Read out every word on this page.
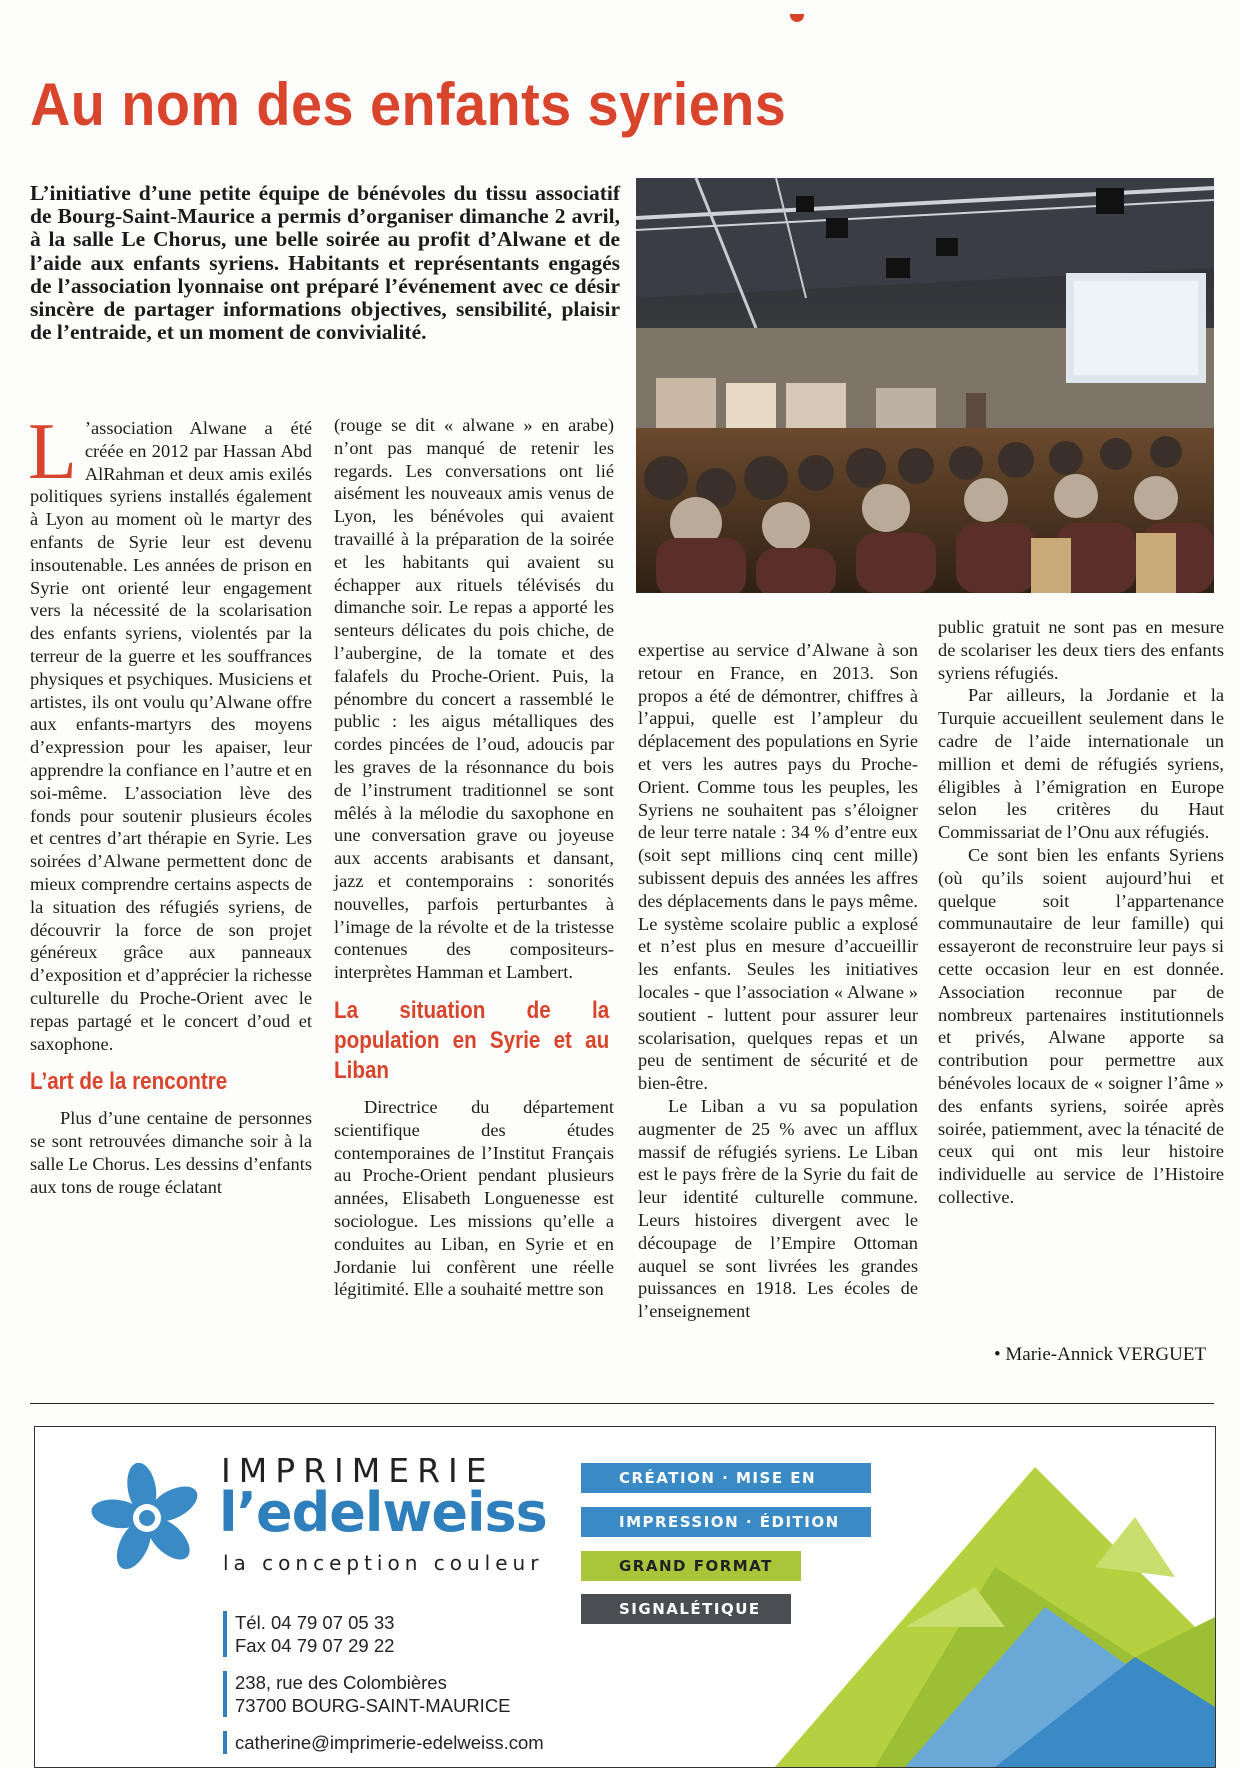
Au nom des enfants syriens
L’initiative d’une petite équipe de bénévoles du tissu associatif de Bourg-Saint-Maurice a permis d’organiser dimanche 2 avril, à la salle Le Chorus, une belle soirée au profit d’Alwane et de l’aide aux enfants syriens. Habitants et représentants engagés de l’association lyonnaise ont préparé l’événement avec ce désir sincère de partager informations objectives, sensibilité, plaisir de l’entraide, et un moment de convivialité.

L ’association Alwane a été créée en 2012 par Hassan Abd AlRahman et deux amis exilés politiques syriens installés également à Lyon au moment où le martyr des enfants de Syrie leur est devenu insoutenable. Les années de prison en Syrie ont orienté leur engagement vers la nécessité de la scolarisation des enfants syriens, violentés par la terreur de la guerre et les souffrances physiques et psychiques. Musiciens et artistes, ils ont voulu qu’Alwane offre aux enfants-martyrs des moyens d’expression pour les apaiser, leur apprendre la confiance en l’autre et en soi-même. L’association lève des fonds pour soutenir plusieurs écoles et centres d’art thérapie en Syrie. Les soirées d’Alwane permettent donc de mieux comprendre certains aspects de la situation des réfugiés syriens, de découvrir la force de son projet généreux grâce aux panneaux d’exposition et d’apprécier la richesse culturelle du Proche-Orient avec le repas partagé et le concert d’oud et saxophone.

L’art de la rencontre

Plus d’une centaine de personnes se sont retrouvées dimanche soir à la salle Le Chorus. Les dessins d’enfants aux tons de rouge éclatant

(rouge se dit « alwane » en arabe) n’ont pas manqué de retenir les regards. Les conversations ont lié aisément les nouveaux amis venus de Lyon, les bénévoles qui avaient travaillé à la préparation de la soirée et les habitants qui avaient su échapper aux rituels télévisés du dimanche soir. Le repas a apporté les senteurs délicates du pois chiche, de l’aubergine, de la tomate et des falafels du Proche-Orient. Puis, la pénombre du concert a rassemblé le public : les aigus métalliques des cordes pincées de l’oud, adoucis par les graves de la résonnance du bois de l’instrument traditionnel se sont mêlés à la mélodie du saxophone en une conversation grave ou joyeuse aux accents arabisants et dansant, jazz et contemporains : sonorités nouvelles, parfois perturbantes à l’image de la révolte et de la tristesse contenues des compositeurs-interprètes Hamman et Lambert.

La situation de la population en Syrie et au Liban

Directrice du département scientifique des études contemporaines de l’Institut Français au Proche-Orient pendant plusieurs années, Elisabeth Longuenesse est sociologue. Les missions qu’elle a conduites au Liban, en Syrie et en Jordanie lui confèrent une réelle légitimité. Elle a souhaité mettre son

expertise au service d’Alwane à son retour en France, en 2013. Son propos a été de démontrer, chiffres à l’appui, quelle est l’ampleur du déplacement des populations en Syrie et vers les autres pays du Proche-Orient. Comme tous les peuples, les Syriens ne souhaitent pas s’éloigner de leur terre natale : 34 % d’entre eux (soit sept millions cinq cent mille) subissent depuis des années les affres des déplacements dans le pays même. Le système scolaire public a explosé et n’est plus en mesure d’accueillir les enfants. Seules les initiatives locales - que l’association « Alwane » soutient - luttent pour assurer leur scolarisation, quelques repas et un peu de sentiment de sécurité et de bien-être.

Le Liban a vu sa population augmenter de 25 % avec un afflux massif de réfugiés syriens. Le Liban est le pays frère de la Syrie du fait de leur identité culturelle commune. Leurs histoires divergent avec le découpage de l’Empire Ottoman auquel se sont livrées les grandes puissances en 1918. Les écoles de l’enseignement

public gratuit ne sont pas en mesure de scolariser les deux tiers des enfants syriens réfugiés.

Par ailleurs, la Jordanie et la Turquie accueillent seulement dans le cadre de l’aide internationale un million et demi de réfugiés syriens, éligibles à l’émigration en Europe selon les critères du Haut Commissariat de l’Onu aux réfugiés.

Ce sont bien les enfants Syriens (où qu’ils soient aujourd’hui et quelque soit l’appartenance communautaire de leur famille) qui essayeront de reconstruire leur pays si cette occasion leur en est donnée. Association reconnue par de nombreux partenaires institutionnels et privés, Alwane apporte sa contribution pour permettre aux bénévoles locaux de « soigner l’âme » des enfants syriens, soirée après soirée, patiemment, avec la ténacité de ceux qui ont mis leur histoire individuelle au service de l’Histoire collective.

• Marie-Annick VERGUET
IMPRIMERIE
l’edelweiss
la conception couleur
Tél. 04 79 07 05 33
Fax 04 79 07 29 22
238, rue des Colombières
73700 BOURG-SAINT-MAURICE
catherine@imprimerie-edelweiss.com
CRÉATION · MISE EN
IMPRESSION · ÉDITION
GRAND FORMAT
SIGNALÉTIQUE
